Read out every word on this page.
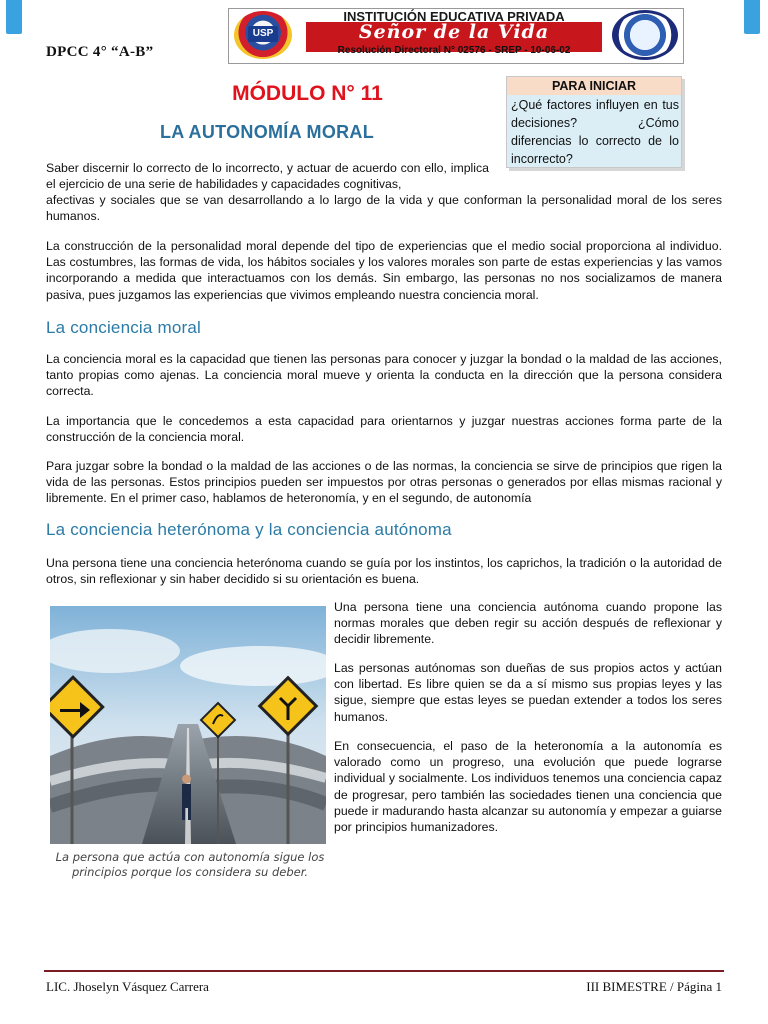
DPCC 4° “A-B”
USP
INSTITUCIÓN EDUCATIVA PRIVADA
Señor de la Vida
Resolución Directoral N° 02576 - SREP - 10-06-02
MÓDULO N° 11
LA AUTONOMÍA MORAL
PARA INICIAR
¿Qué factores influyen en tus decisiones? ¿Cómo diferencias lo correcto de lo incorrecto?

Saber discernir lo correcto de lo incorrecto, y actuar de acuerdo con ello, implica el ejercicio de una serie de habilidades y capacidades cognitivas,

afectivas y sociales que se van desarrollando a lo largo de la vida y que conforman la personalidad moral de los seres humanos.

La construcción de la personalidad moral depende del tipo de experiencias que el medio social proporciona al individuo. Las costumbres, las formas de vida, los hábitos sociales y los valores morales son parte de estas experiencias y las vamos incorporando a medida que interactuamos con los demás. Sin embargo, las personas no nos socializamos de manera pasiva, pues juzgamos las experiencias que vivimos empleando nuestra conciencia moral.

La conciencia moral

La conciencia moral es la capacidad que tienen las personas para conocer y juzgar la bondad o la maldad de las acciones, tanto propias como ajenas. La conciencia moral mueve y orienta la conducta en la dirección que la persona considera correcta.

La importancia que le concedemos a esta capacidad para orientarnos y juzgar nuestras acciones forma parte de la construcción de la conciencia moral.

Para juzgar sobre la bondad o la maldad de las acciones o de las normas, la conciencia se sirve de principios que rigen la vida de las personas. Estos principios pueden ser impuestos por otras personas o generados por ellas mismas racional y libremente. En el primer caso, hablamos de heteronomía, y en el segundo, de autonomía

La conciencia heterónoma y la conciencia autónoma

Una persona tiene una conciencia heterónoma cuando se guía por los instintos, los caprichos, la tradición o la autoridad de otros, sin reflexionar y sin haber decidido si su orientación es buena.

La persona que actúa con autonomía sigue los principios porque los considera su deber.

Una persona tiene una conciencia autónoma cuando propone las normas morales que deben regir su acción después de reflexionar y decidir libremente.

Las personas autónomas son dueñas de sus propios actos y actúan con libertad. Es libre quien se da a sí mismo sus propias leyes y las sigue, siempre que estas leyes se puedan extender a todos los seres humanos.

En consecuencia, el paso de la heteronomía a la autonomía es valorado como un progreso, una evolución que puede lograrse individual y socialmente. Los individuos tenemos una conciencia capaz de progresar, pero también las sociedades tienen una conciencia que puede ir madurando hasta alcanzar su autonomía y empezar a guiarse por principios humanizadores.

LIC. Jhoselyn Vásquez Carrera	III BIMESTRE / Página 1
